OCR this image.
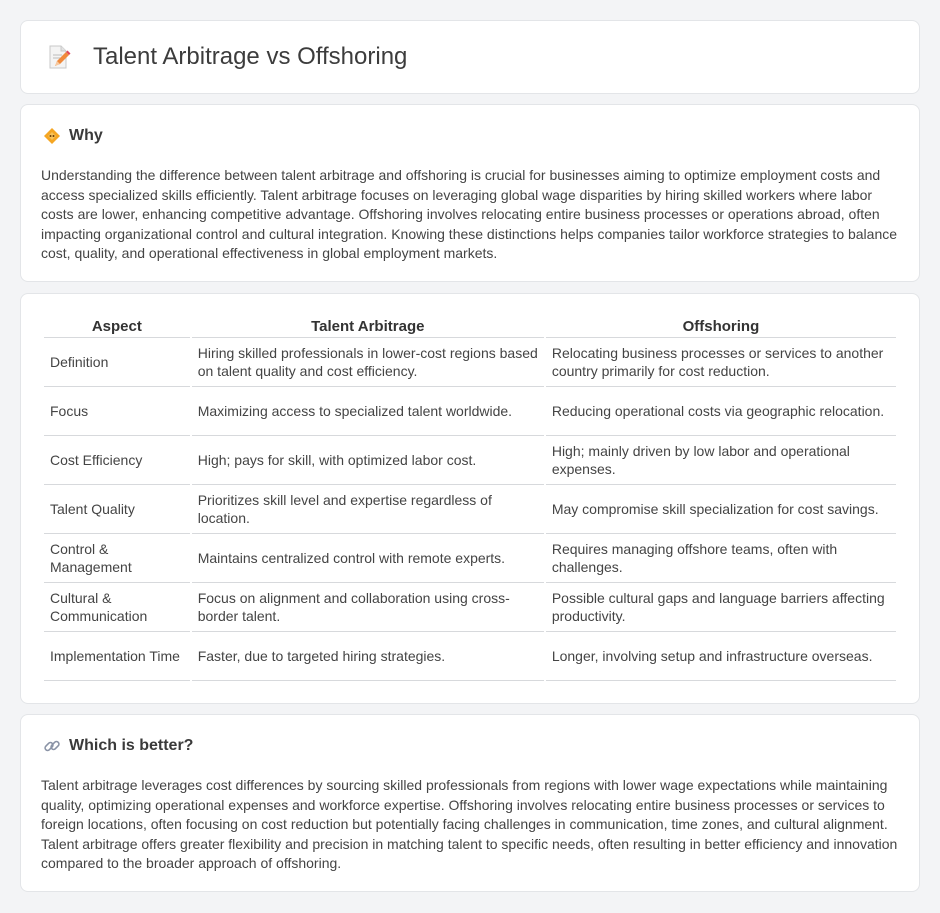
Talent Arbitrage vs Offshoring
Why

Understanding the difference between talent arbitrage and offshoring is crucial for businesses aiming to optimize employment costs and access specialized skills efficiently. Talent arbitrage focuses on leveraging global wage disparities by hiring skilled workers where labor costs are lower, enhancing competitive advantage. Offshoring involves relocating entire business processes or operations abroad, often impacting organizational control and cultural integration. Knowing these distinctions helps companies tailor workforce strategies to balance cost, quality, and operational effectiveness in global employment markets.

Aspect	Talent Arbitrage	Offshoring
Definition	Hiring skilled professionals in lower-cost regions based on talent quality and cost efficiency.	Relocating business processes or services to another country primarily for cost reduction.
Focus	Maximizing access to specialized talent worldwide.	Reducing operational costs via geographic relocation.
Cost Efficiency	High; pays for skill, with optimized labor cost.	High; mainly driven by low labor and operational expenses.
Talent Quality	Prioritizes skill level and expertise regardless of location.	May compromise skill specialization for cost savings.
Control & Management	Maintains centralized control with remote experts.	Requires managing offshore teams, often with challenges.
Cultural & Communication	Focus on alignment and collaboration using cross-border talent.	Possible cultural gaps and language barriers affecting productivity.
Implementation Time	Faster, due to targeted hiring strategies.	Longer, involving setup and infrastructure overseas.
Which is better?

Talent arbitrage leverages cost differences by sourcing skilled professionals from regions with lower wage expectations while maintaining quality, optimizing operational expenses and workforce expertise. Offshoring involves relocating entire business processes or services to foreign locations, often focusing on cost reduction but potentially facing challenges in communication, time zones, and cultural alignment. Talent arbitrage offers greater flexibility and precision in matching talent to specific needs, often resulting in better efficiency and innovation compared to the broader approach of offshoring.
